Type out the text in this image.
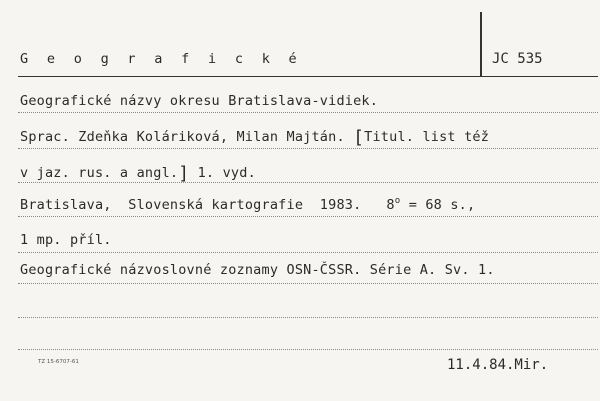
G e o g r a f i c k é	JC 535
Geografické názvy okresu Bratislava-vidiek.
Sprac. Zdeňka Koláriková, Milan Majtán. [Titul. list též
v jaz. rus. a angl.] 1. vyd.
Bratislava,  Slovenská kartografie  1983.   $8^o = 68$ s.,
1 mp. příl.
Geografické názvoslovné zoznamy OSN-ČSSR. Série A. Sv. 1.
TZ 15-6707-61	11.4.84.Mir.
